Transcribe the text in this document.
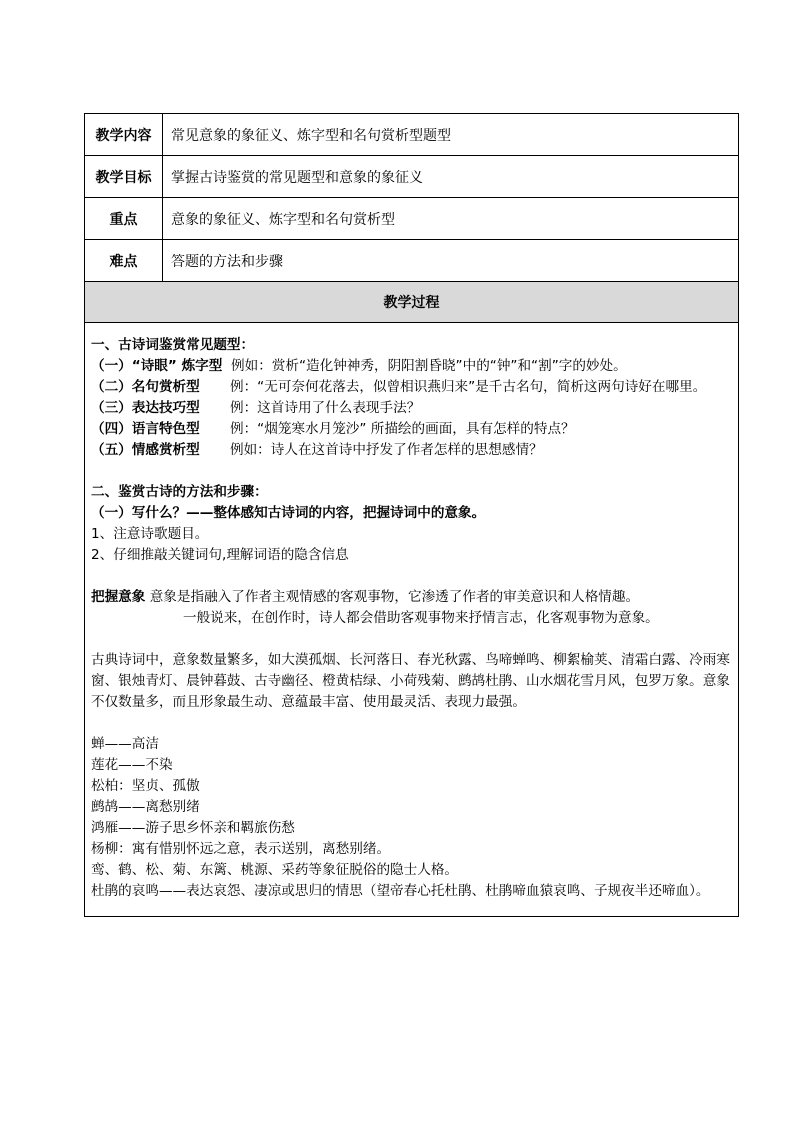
教学内容	常见意象的象征义、炼字型和名句赏析型题型
教学目标	掌握古诗鉴赏的常见题型和意象的象征义
重点	意象的象征义、炼字型和名句赏析型
难点	答题的方法和步骤
教学过程

一、古诗词鉴赏常见题型：

（一）“诗眼” 炼字型 例如：赏析“造化钟神秀，阴阳割昏晓”中的“钟”和“割”字的妙处。

（二）名句赏析型 例：“无可奈何花落去，似曾相识燕归来”是千古名句，简析这两句诗好在哪里。

（三）表达技巧型 例：这首诗用了什么表现手法？

（四）语言特色型 例：“烟笼寒水月笼沙” 所描绘的画面，具有怎样的特点？

（五）情感赏析型 例如：诗人在这首诗中抒发了作者怎样的思想感情？

二、鉴赏古诗的方法和步骤：

（一）写什么？——整体感知古诗词的内容，把握诗词中的意象。

1、注意诗歌题目。

2、仔细推敲关键词句,理解词语的隐含信息

把握意象 意象是指融入了作者主观情感的客观事物，它渗透了作者的审美意识和人格情趣。

一般说来，在创作时，诗人都会借助客观事物来抒情言志，化客观事物为意象。

古典诗词中，意象数量繁多，如大漠孤烟、长河落日、春光秋露、鸟啼蝉鸣、柳絮榆荚、清霜白露、冷雨寒窗、银烛青灯、晨钟暮鼓、古寺幽径、橙黄桔绿、小荷残菊、鹧鸪杜鹃、山水烟花雪月风，包罗万象。意象不仅数量多，而且形象最生动、意蕴最丰富、使用最灵活、表现力最强。

蝉——高洁

莲花——不染

松柏：坚贞、孤傲

鹧鸪——离愁别绪

鸿雁——游子思乡怀亲和羁旅伤愁

杨柳：寓有惜别怀远之意，表示送别，离愁别绪。

鸾、鹤、松、菊、东篱、桃源、采药等象征脱俗的隐士人格。

杜鹃的哀鸣——表达哀怨、凄凉或思归的情思（望帝春心托杜鹃、杜鹃啼血猿哀鸣、子规夜半还啼血）。
